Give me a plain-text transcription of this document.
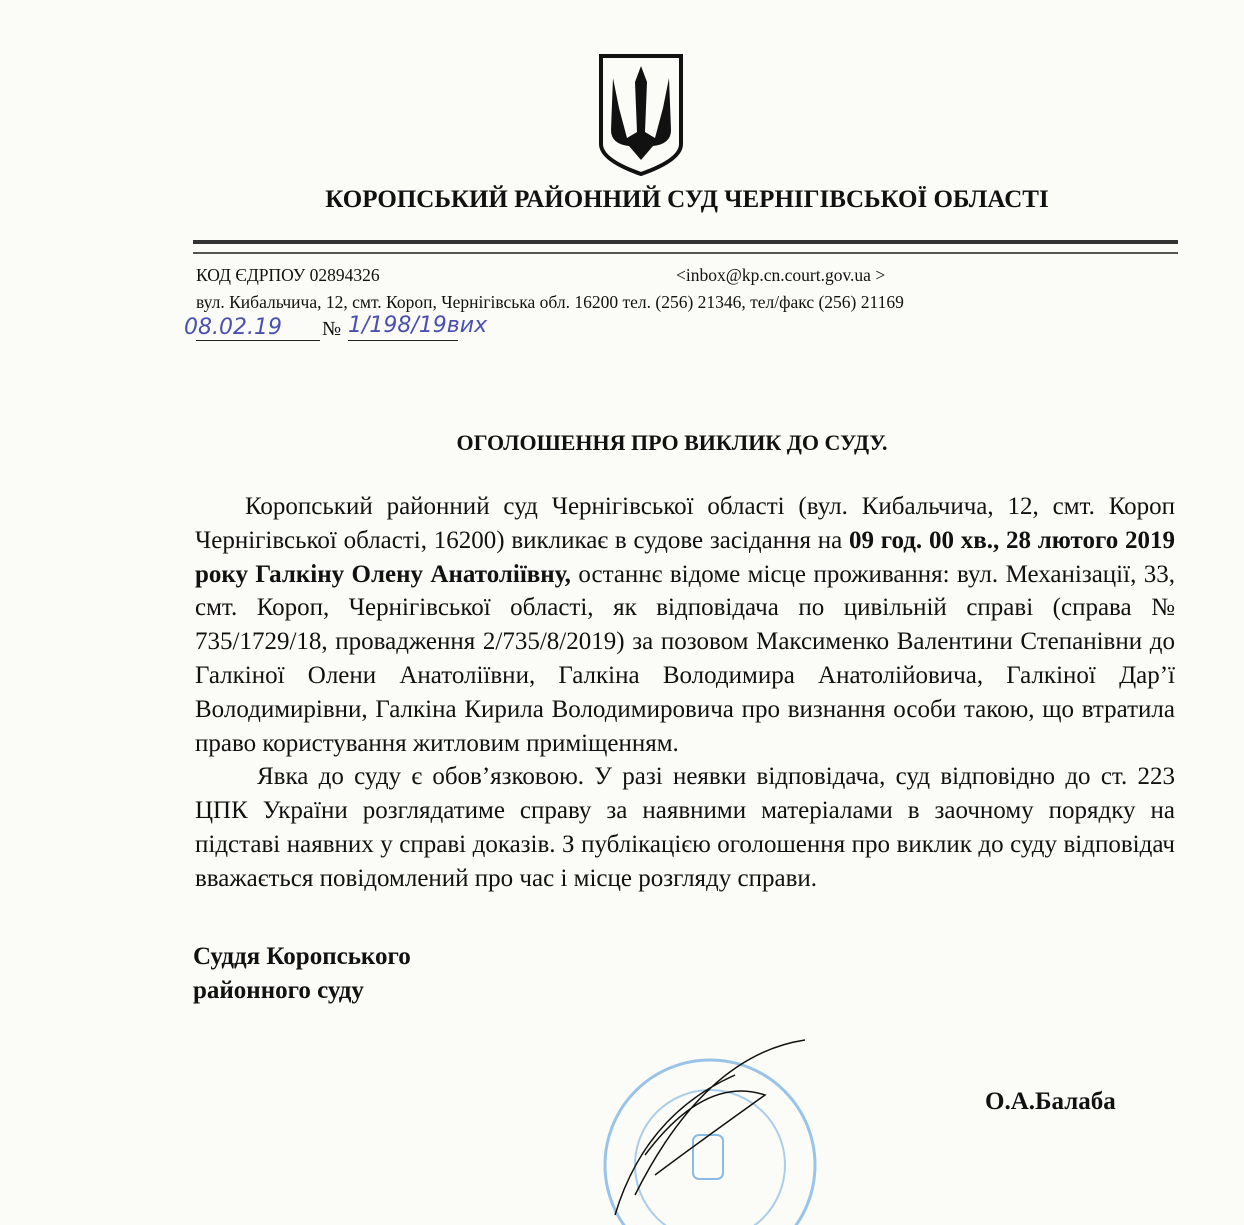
КОРОПСЬКИЙ РАЙОННИЙ СУД ЧЕРНІГІВСЬКОЇ ОБЛАСТІ
КОД ЄДРПОУ 02894326	<inbox@kp.cn.court.gov.ua >
вул. Кибальчича, 12, смт. Короп, Чернігівська обл. 16200 тел. (256) 21346, тел/факс (256) 21169
08.02.19 № 1/198/19вих
ОГОЛОШЕННЯ ПРО ВИКЛИК ДО СУДУ.

Коропський районний суд Чернігівської області (вул. Кибальчича, 12, смт. Короп Чернігівської області, 16200) викликає в судове засідання на 09 год. 00 хв., 28 лютого 2019 року Галкіну Олену Анатоліївну, останнє відоме місце проживання: вул. Механізації, 33, смт. Короп, Чернігівської області, як відповідача по цивільній справі (справа № 735/1729/18, провадження 2/735/8/2019) за позовом Максименко Валентини Степанівни до Галкіної Олени Анатоліївни, Галкіна Володимира Анатолійовича, Галкіної Дар’ї Володимирівни, Галкіна Кирила Володимировича про визнання особи такою, що втратила право користування житловим приміщенням.

Явка до суду є обов’язковою. У разі неявки відповідача, суд відповідно до ст. 223 ЦПК України розглядатиме справу за наявними матеріалами в заочному порядку на підставі наявних у справі доказів. З публікацією оголошення про виклик до суду відповідач вважається повідомлений про час і місце розгляду справи.

Суддя Коропського
районного суду
О.А.Балаба
